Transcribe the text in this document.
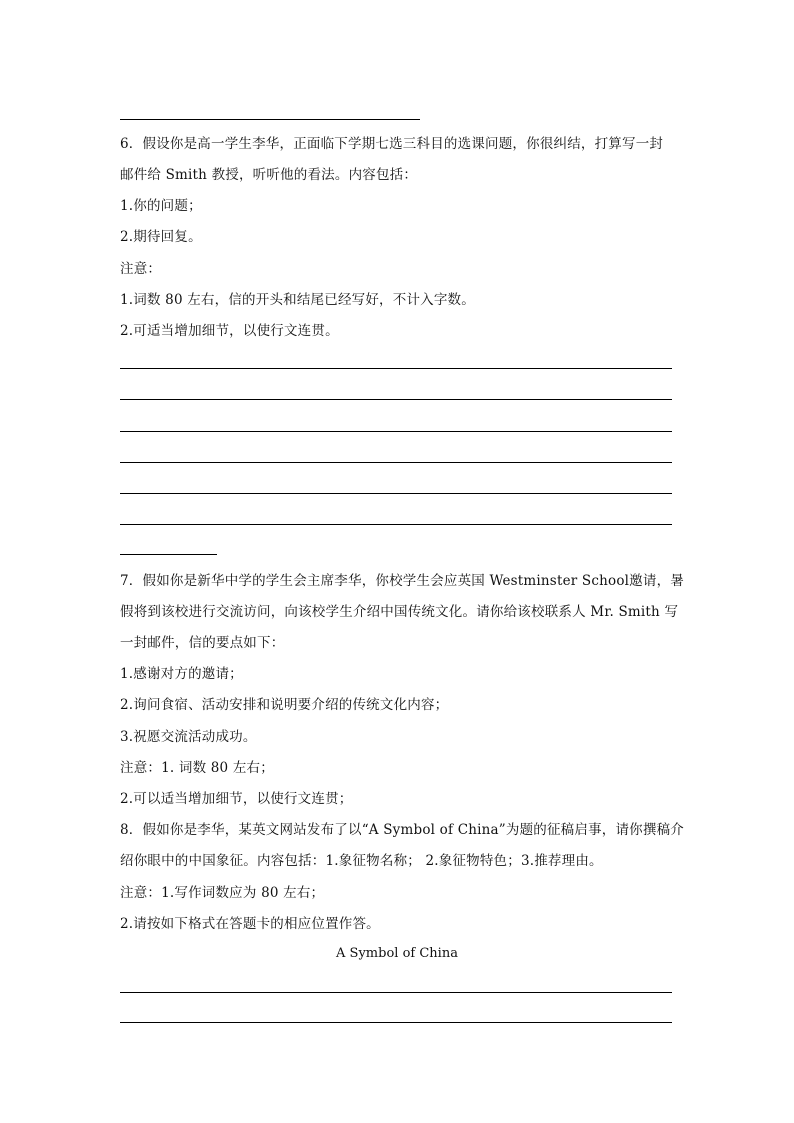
6．假设你是高一学生李华，正面临下学期七选三科目的选课问题，你很纠结，打算写一封
邮件给 Smith 教授，听听他的看法。内容包括：
1.你的问题；
2.期待回复。
注意：
1.词数 80 左右，信的开头和结尾已经写好，不计入字数。
2.可适当增加细节，以使行文连贯。
7．假如你是新华中学的学生会主席李华，你校学生会应英国 Westminster School邀请，暑
假将到该校进行交流访问，向该校学生介绍中国传统文化。请你给该校联系人 Mr. Smith 写
一封邮件，信的要点如下：
1.感谢对方的邀请；
2.询问食宿、活动安排和说明要介绍的传统文化内容；
3.祝愿交流活动成功。
注意：1. 词数 80 左右；
2.可以适当增加细节，以使行文连贯；
8．假如你是李华，某英文网站发布了以“A Symbol of China”为题的征稿启事，请你撰稿介
绍你眼中的中国象征。内容包括：1.象征物名称； 2.象征物特色；3.推荐理由。
注意：1.写作词数应为 80 左右；
2.请按如下格式在答题卡的相应位置作答。
A Symbol of China
